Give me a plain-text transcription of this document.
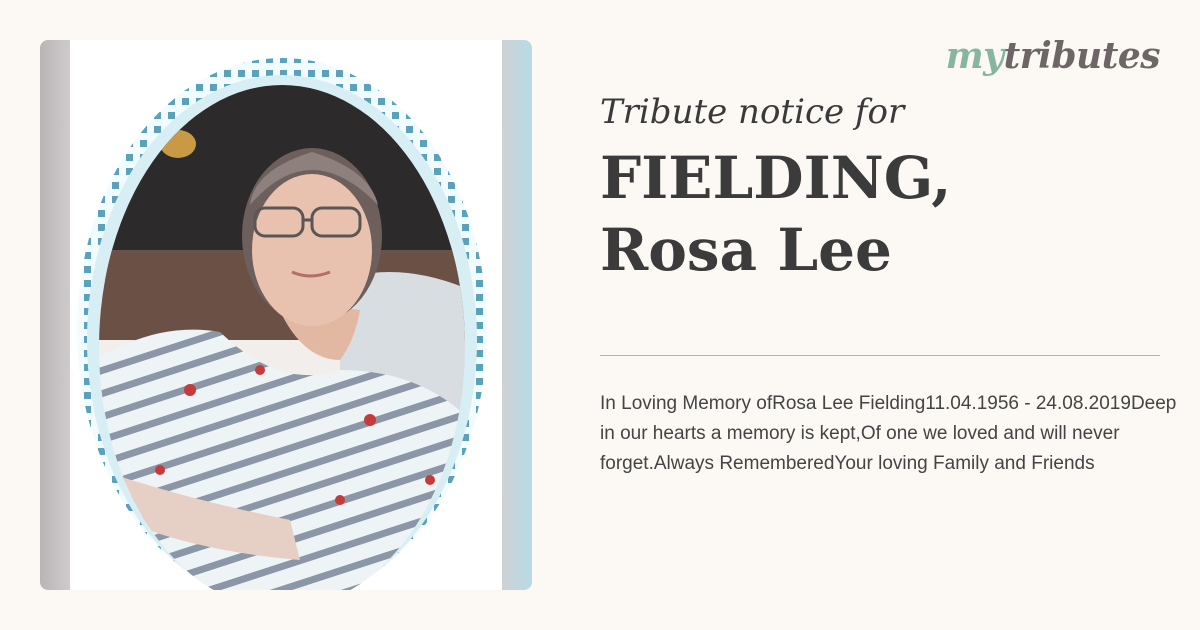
mytributes
Tribute notice for
FIELDING,
Rosa Lee
In Loving Memory ofRosa Lee Fielding11.04.1956 - 24.08.2019Deep in our hearts a memory is kept,Of one we loved and will never forget.Always RememberedYour loving Family and Friends
